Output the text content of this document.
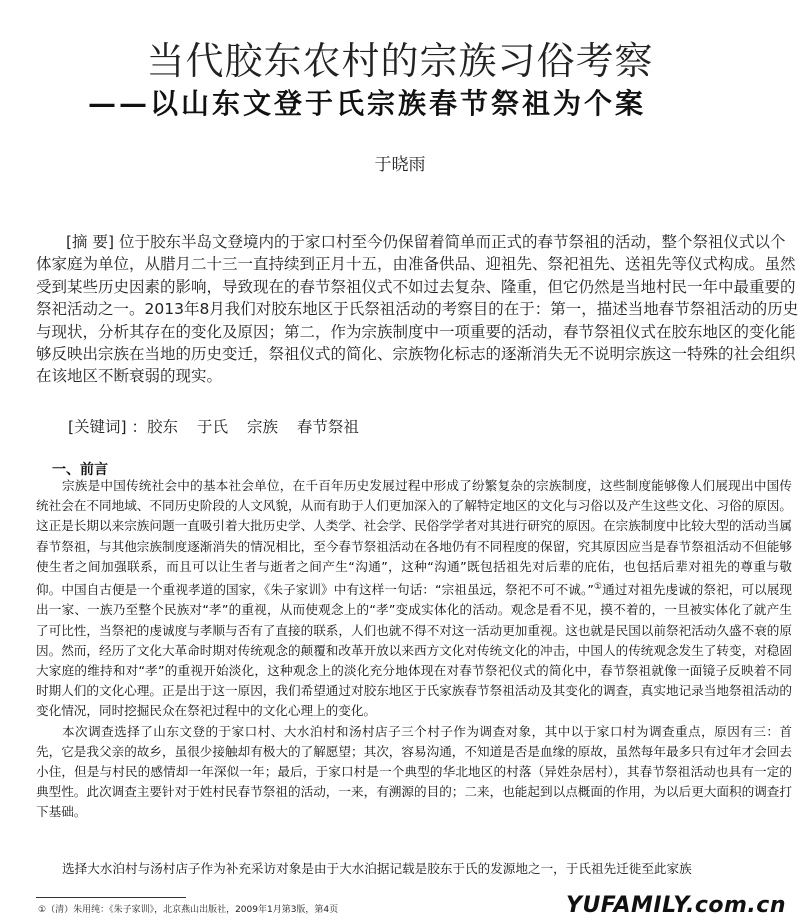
当代胶东农村的宗族习俗考察
——以山东文登于氏宗族春节祭祖为个案
于晓雨
[摘 要] 位于胶东半岛文登境内的于家口村至今仍保留着简单而正式的春节祭祖的活动，整个祭祖仪式以个体家庭为单位，从腊月二十三一直持续到正月十五，由准备供品、迎祖先、祭祀祖先、送祖先等仪式构成。虽然受到某些历史因素的影响，导致现在的春节祭祖仪式不如过去复杂、隆重，但它仍然是当地村民一年中最重要的祭祀活动之一。2013年8月我们对胶东地区于氏祭祖活动的考察目的在于：第一，描述当地春节祭祖活动的历史与现状，分析其存在的变化及原因；第二，作为宗族制度中一项重要的活动，春节祭祖仪式在胶东地区的变化能够反映出宗族在当地的历史变迁，祭祖仪式的简化、宗族物化标志的逐渐消失无不说明宗族这一特殊的社会组织在该地区不断衰弱的现实。
[关键词] ：胶东 于氏 宗族 春节祭祖
一、前言

宗族是中国传统社会中的基本社会单位，在千百年历史发展过程中形成了纷繁复杂的宗族制度，这些制度能够像人们展现出中国传统社会在不同地域、不同历史阶段的人文风貌，从而有助于人们更加深入的了解特定地区的文化与习俗以及产生这些文化、习俗的原因。这正是长期以来宗族问题一直吸引着大批历史学、人类学、社会学、民俗学学者对其进行研究的原因。在宗族制度中比较大型的活动当属春节祭祖，与其他宗族制度逐渐消失的情况相比，至今春节祭祖活动在各地仍有不同程度的保留，究其原因应当是春节祭祖活动不但能够使生者之间加强联系，而且可以让生者与逝者之间产生“沟通”，这种“沟通”既包括祖先对后辈的庇佑，也包括后辈对祖先的尊重与敬仰。中国自古便是一个重视孝道的国家，《朱子家训》中有这样一句话：“宗祖虽远，祭祀不可不诚。”①通过对祖先虔诚的祭祀，可以展现出一家、一族乃至整个民族对“孝”的重视，从而使观念上的“孝”变成实体化的活动。观念是看不见，摸不着的，一旦被实体化了就产生了可比性，当祭祀的虔诚度与孝顺与否有了直接的联系，人们也就不得不对这一活动更加重视。这也就是民国以前祭祀活动久盛不衰的原因。然而，经历了文化大革命时期对传统观念的颠覆和改革开放以来西方文化对传统文化的冲击，中国人的传统观念发生了转变，对稳固大家庭的维持和对“孝”的重视开始淡化，这种观念上的淡化充分地体现在对春节祭祀仪式的简化中，春节祭祖就像一面镜子反映着不同时期人们的文化心理。正是出于这一原因，我们希望通过对胶东地区于氏家族春节祭祖活动及其变化的调查，真实地记录当地祭祖活动的变化情况，同时挖掘民众在祭祀过程中的文化心理上的变化。

本次调查选择了山东文登的于家口村、大水泊村和汤村店子三个村子作为调查对象，其中以于家口村为调查重点，原因有三：首先，它是我父亲的故乡，虽很少接触却有极大的了解愿望；其次，容易沟通，不知道是否是血缘的原故，虽然每年最多只有过年才会回去小住，但是与村民的感情却一年深似一年；最后，于家口村是一个典型的华北地区的村落（异姓杂居村），其春节祭祖活动也具有一定的典型性。此次调查主要针对于姓村民春节祭祖的活动，一来，有溯源的目的；二来，也能起到以点概面的作用，为以后更大面积的调查打下基础。

选择大水泊村与汤村店子作为补充采访对象是由于大水泊据记载是胶东于氏的发源地之一，于氏祖先迁徙至此家族
①（清）朱用纯：《朱子家训》，北京燕山出版社，2009年1月第3版，第4页	YUFAMILY.com.cn
